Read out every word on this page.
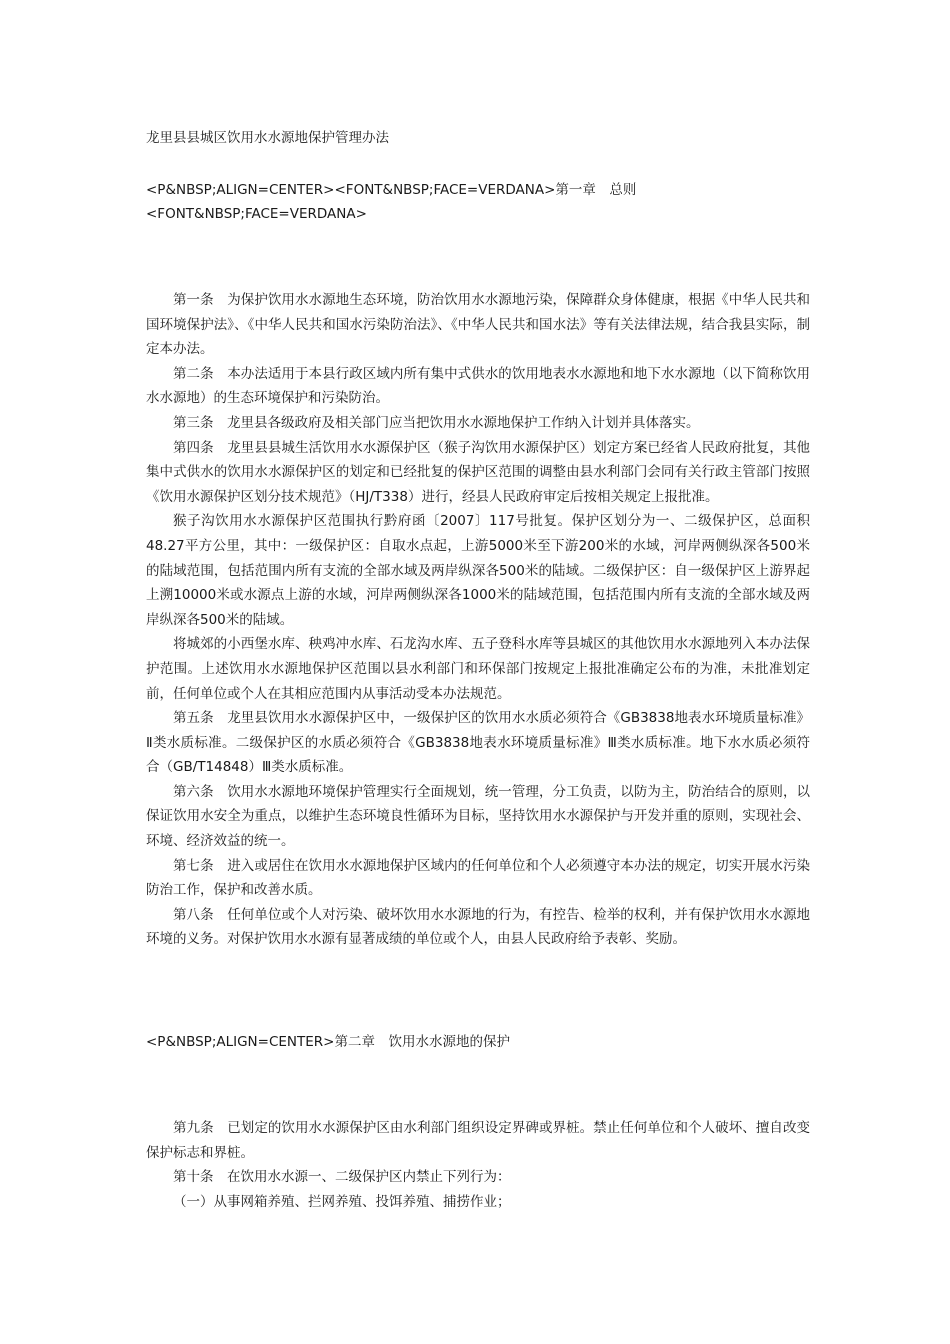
龙里县县城区饮用水水源地保护管理办法

<P&NBSP;ALIGN=CENTER><FONT&NBSP;FACE=VERDANA>第一章　总则<FONT&NBSP;FACE=VERDANA>

第一条　为保护饮用水水源地生态环境，防治饮用水水源地污染，保障群众身体健康，根据《中华人民共和国环境保护法》、《中华人民共和国水污染防治法》、《中华人民共和国水法》等有关法律法规，结合我县实际，制定本办法。

第二条　本办法适用于本县行政区域内所有集中式供水的饮用地表水水源地和地下水水源地（以下简称饮用水水源地）的生态环境保护和污染防治。

第三条　龙里县各级政府及相关部门应当把饮用水水源地保护工作纳入计划并具体落实。

第四条　龙里县县城生活饮用水水源保护区（猴子沟饮用水源保护区）划定方案已经省人民政府批复，其他集中式供水的饮用水水源保护区的划定和已经批复的保护区范围的调整由县水利部门会同有关行政主管部门按照《饮用水源保护区划分技术规范》（HJ/T338）进行，经县人民政府审定后按相关规定上报批准。

猴子沟饮用水水源保护区范围执行黔府函〔2007〕117号批复。保护区划分为一、二级保护区，总面积48.27平方公里，其中：一级保护区：自取水点起，上游5000米至下游200米的水域，河岸两侧纵深各500米的陆域范围，包括范围内所有支流的全部水域及两岸纵深各500米的陆域。二级保护区：自一级保护区上游界起上溯10000米或水源点上游的水域，河岸两侧纵深各1000米的陆域范围，包括范围内所有支流的全部水域及两岸纵深各500米的陆域。

将城郊的小西堡水库、秧鸡冲水库、石龙沟水库、五子登科水库等县城区的其他饮用水水源地列入本办法保护范围。上述饮用水水源地保护区范围以县水利部门和环保部门按规定上报批准确定公布的为准，未批准划定前，任何单位或个人在其相应范围内从事活动受本办法规范。

第五条　龙里县饮用水水源保护区中，一级保护区的饮用水水质必须符合《GB3838地表水环境质量标准》Ⅱ类水质标准。二级保护区的水质必须符合《GB3838地表水环境质量标准》Ⅲ类水质标准。地下水水质必须符合（GB/T14848）Ⅲ类水质标准。

第六条　饮用水水源地环境保护管理实行全面规划，统一管理，分工负责，以防为主，防治结合的原则，以保证饮用水安全为重点，以维护生态环境良性循环为目标，坚持饮用水水源保护与开发并重的原则，实现社会、环境、经济效益的统一。

第七条　进入或居住在饮用水水源地保护区域内的任何单位和个人必须遵守本办法的规定，切实开展水污染防治工作，保护和改善水质。

第八条　任何单位或个人对污染、破坏饮用水水源地的行为，有控告、检举的权利，并有保护饮用水水源地环境的义务。对保护饮用水水源有显著成绩的单位或个人，由县人民政府给予表彰、奖励。

<P&NBSP;ALIGN=CENTER>第二章　饮用水水源地的保护

第九条　已划定的饮用水水源保护区由水利部门组织设定界碑或界桩。禁止任何单位和个人破坏、擅自改变保护标志和界桩。

第十条　在饮用水水源一、二级保护区内禁止下列行为：

（一）从事网箱养殖、拦网养殖、投饵养殖、捕捞作业；
